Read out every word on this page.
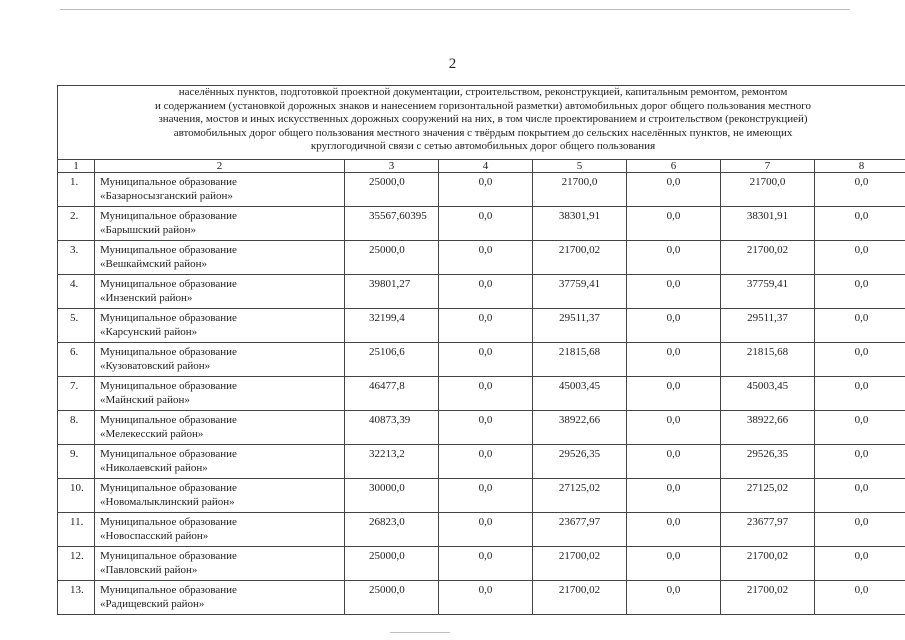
2
населённых пунктов, подготовкой проектной документации, строительством, реконструкцией, капитальным ремонтом, ремонтом
и содержанием (установкой дорожных знаков и нанесением горизонтальной разметки) автомобильных дорог общего пользования местного
значения, мостов и иных искусственных дорожных сооружений на них, в том числе проектированием и строительством (реконструкцией)
автомобильных дорог общего пользования местного значения с твёрдым покрытием до сельских населённых пунктов, не имеющих
круглогодичной связи с сетью автомобильных дорог общего пользования							

1	2	3	4	5	6	7	8
1.	Муниципальное образование
«Базарносызганский район»	25000,0	0,0	21700,0	0,0	21700,0	0,0
2.	Муниципальное образование
«Барышский район»	35567,60395	0,0	38301,91	0,0	38301,91	0,0
3.	Муниципальное образование
«Вешкаймский район»	25000,0	0,0	21700,02	0,0	21700,02	0,0
4.	Муниципальное образование
«Инзенский район»	39801,27	0,0	37759,41	0,0	37759,41	0,0
5.	Муниципальное образование
«Карсунский район»	32199,4	0,0	29511,37	0,0	29511,37	0,0
6.	Муниципальное образование
«Кузоватовский район»	25106,6	0,0	21815,68	0,0	21815,68	0,0
7.	Муниципальное образование
«Майнский район»	46477,8	0,0	45003,45	0,0	45003,45	0,0
8.	Муниципальное образование
«Мелекесский район»	40873,39	0,0	38922,66	0,0	38922,66	0,0
9.	Муниципальное образование
«Николаевский район»	32213,2	0,0	29526,35	0,0	29526,35	0,0
10.	Муниципальное образование
«Новомалыклинский район»	30000,0	0,0	27125,02	0,0	27125,02	0,0
11.	Муниципальное образование
«Новоспасский район»	26823,0	0,0	23677,97	0,0	23677,97	0,0
12.	Муниципальное образование
«Павловский район»	25000,0	0,0	21700,02	0,0	21700,02	0,0
13.	Муниципальное образование
«Радищевский район»	25000,0	0,0	21700,02	0,0	21700,02	0,0
